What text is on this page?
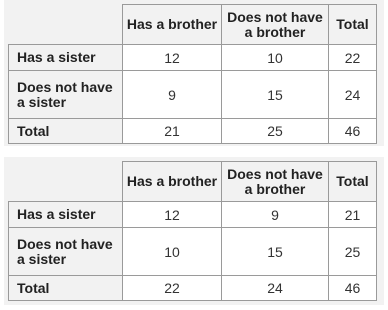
	Has a brother	Does not have a brother	Total
Has a sister	12	10	22
Does not have a sister	9	15	24
Total	21	25	46
	Has a brother	Does not have a brother	Total
Has a sister	12	9	21
Does not have a sister	10	15	25
Total	22	24	46
